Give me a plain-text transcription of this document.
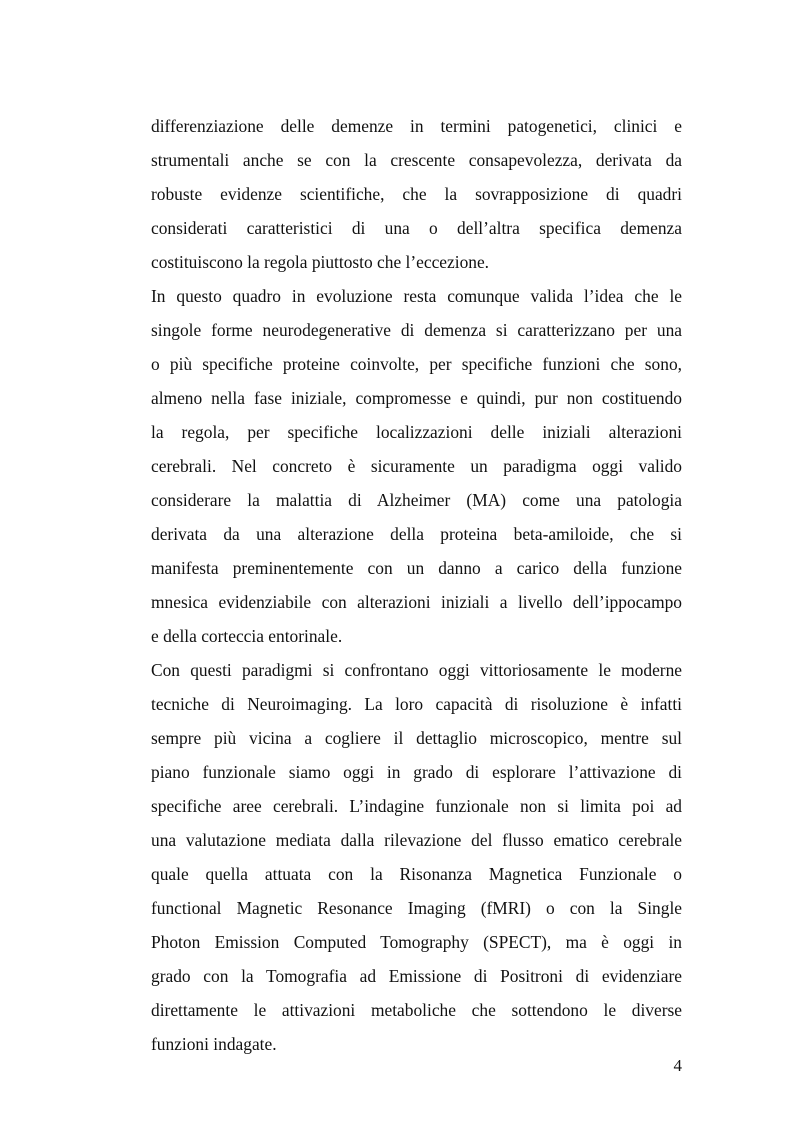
differenziazione delle demenze in termini patogenetici, clinici e
strumentali anche se con la crescente consapevolezza, derivata da
robuste evidenze scientifiche, che la sovrapposizione di quadri
considerati caratteristici di una o dell’altra specifica demenza
costituiscono la regola piuttosto che l’eccezione.
In questo quadro in evoluzione resta comunque valida l’idea che le
singole forme neurodegenerative di demenza si caratterizzano per una
o più specifiche proteine coinvolte, per specifiche funzioni che sono,
almeno nella fase iniziale, compromesse e quindi, pur non costituendo
la regola, per specifiche localizzazioni delle iniziali alterazioni
cerebrali. Nel concreto è sicuramente un paradigma oggi valido
considerare la malattia di Alzheimer (MA) come una patologia
derivata da una alterazione della proteina beta-amiloide, che si
manifesta preminentemente con un danno a carico della funzione
mnesica evidenziabile con alterazioni iniziali a livello dell’ippocampo
e della corteccia entorinale.
Con questi paradigmi si confrontano oggi vittoriosamente le moderne
tecniche di Neuroimaging. La loro capacità di risoluzione è infatti
sempre più vicina a cogliere il dettaglio microscopico, mentre sul
piano funzionale siamo oggi in grado di esplorare l’attivazione di
specifiche aree cerebrali. L’indagine funzionale non si limita poi ad
una valutazione mediata dalla rilevazione del flusso ematico cerebrale
quale quella attuata con la Risonanza Magnetica Funzionale o
functional Magnetic Resonance Imaging (fMRI) o con la Single
Photon Emission Computed Tomography (SPECT), ma è oggi in
grado con la Tomografia ad Emissione di Positroni di evidenziare
direttamente le attivazioni metaboliche che sottendono le diverse
funzioni indagate.
4
